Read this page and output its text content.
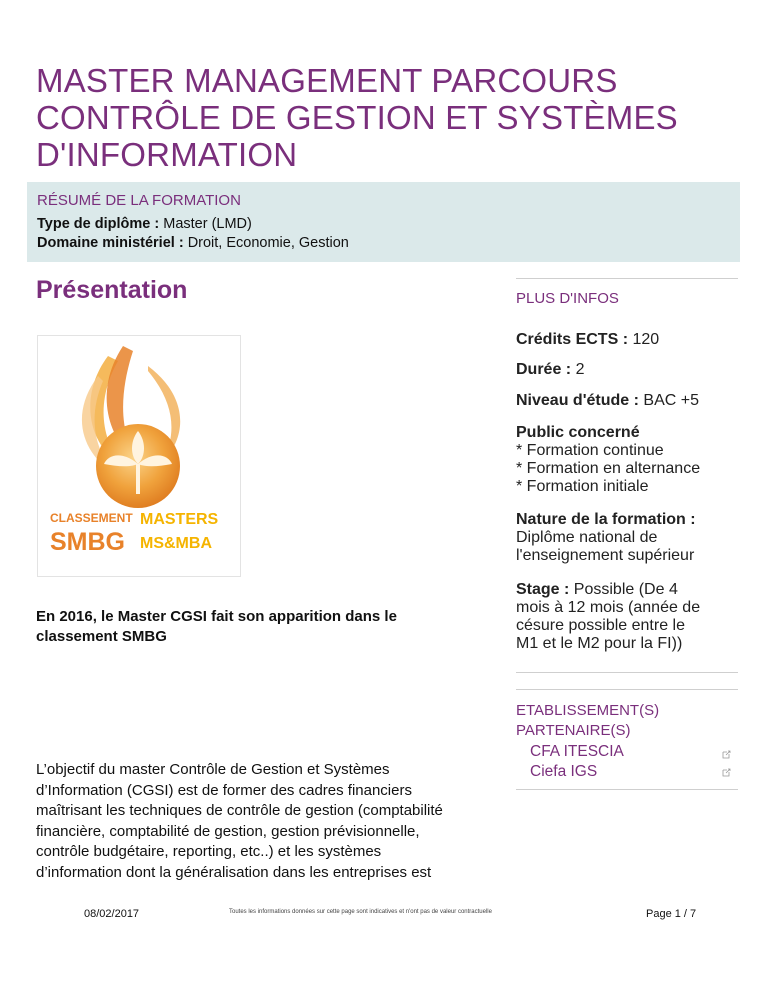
MASTER MANAGEMENT PARCOURS
CONTRÔLE DE GESTION ET SYSTÈMES
D'INFORMATION
RÉSUMÉ DE LA FORMATION
Type de diplôme : Master (LMD)
Domaine ministériel : Droit, Economie, Gestion
Présentation
CLASSEMENT MASTERS
SMBG MS&MBA
En 2016, le Master CGSI fait son apparition dans le classement SMBG
L’objectif du master Contrôle de Gestion et Systèmes
d’Information (CGSI) est de former des cadres financiers
maîtrisant les techniques de contrôle de gestion (comptabilité
financière, comptabilité de gestion, gestion prévisionnelle,
contrôle budgétaire, reporting, etc..) et les systèmes
d’information dont la généralisation dans les entreprises est
PLUS D'INFOS
Crédits ECTS : 120
Durée : 2
Niveau d'étude : BAC +5
Public concerné
* Formation continue
* Formation en alternance
* Formation initiale
Nature de la formation :
Diplôme national de
l'enseignement supérieur
Stage : Possible (De 4
mois à 12 mois (année de
césure possible entre le
M1 et le M2 pour la FI))
ETABLISSEMENT(S)
PARTENAIRE(S)
CFA ITESCIA
Ciefa IGS
08/02/2017	Toutes les informations données sur cette page sont indicatives et n'ont pas de valeur contractuelle	Page 1 / 7
